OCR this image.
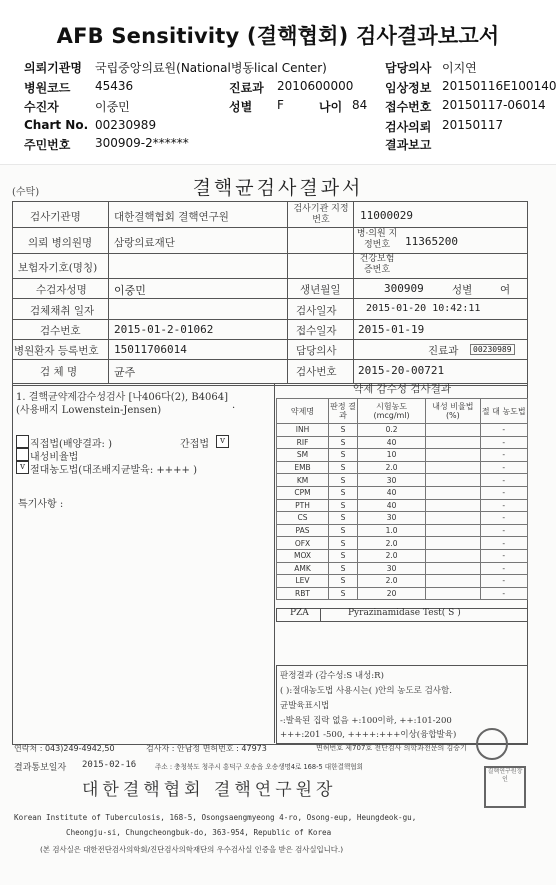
AFB Sensitivity (결핵협회) 검사결과보고서
의뢰기관명 국립중앙의료원(National병동lical Center)
병원코드 45436
수진자	이중민
Chart No. 00230989
주민번호 300909-2******
진료과 2010600000
성별 F	나이 84
담당의사 이지연
임상정보 20150116E100140
접수번호 20150117-06014
검사의뢰 20150117
결과보고
(수탁)	결핵균검사결과서
검사기관명	대한결핵협회 결핵연구원
검사기관 지정번호	11000029
의뢰 병의원명 삼랑의료재단
병·의원 지정번호	11365200
보험자기호(명칭)
건강보험 증번호
수검자성명 이중민	생년월일	300909	성별	여
검체채취 일자	검사일자	2015-01-20 10:42:11
검수번호	2015-01-2-01062	접수일자 2015-01-19
병원환자 등록번호 15011706014	담당의사	진료과	00230989
검 체 명	균주	검사번호 2015-20-00721
1. 결핵균약제감수성검사 [나406다(2), B4064]
(사용배지 Lowenstein-Jensen)	·
직접법(배양결과: )	간접법	v
내성비율법
v 절대농도법(대조배지균발육: ++++ )
특기사항 :
약제 감수성 검사결과
약제명	판정 결과	시험농도 (mcg/ml)	내성 비율법(%)	절 대 농도법
INH	S	0.2		-
RIF	S	40		-
SM	S	10		-
EMB	S	2.0		-
KM	S	30		-
CPM	S	40		-
PTH	S	40		-
CS	S	30		-
PAS	S	1.0		-
OFX	S	2.0		-
MOX	S	2.0		-
AMK	S	30		-
LEV	S	2.0		-
RBT	S	20		-
PZA	Pyrazinamidase Test( S )
판정결과 (감수성:S 내성:R)
( ):절대농도법 사용시는( )안의 농도로 검사함.
균발육표시법
-:발육된 집락 없음 +:100이하, ++:101-200
+++:201 -500, ++++:+++이상(융합발육)
연락처 : 043)249-4942,50	검사자 : 안남정 면허번호 : 47973	면허번호 제707호 전단검사 의학과전문의 김승기
결과통보일자 2015-02-16	주소 : 충청북도 청주시 흥덕구 오송읍 오송생명4로 168-5 대한결핵협회
대한결핵협회 결핵연구원장
결핵연구원장인
Korean Institute of Tuberculosis, 168-5, Osongsaengmyeong 4-ro, Osong-eup, Heungdeok-gu,
Cheongju-si, Chungcheongbuk-do, 363-954, Republic of Korea
(본 검사실은 대한전단검사의학회/진단검사의학재단의 우수검사실 인증을 받은 검사실입니다.)
